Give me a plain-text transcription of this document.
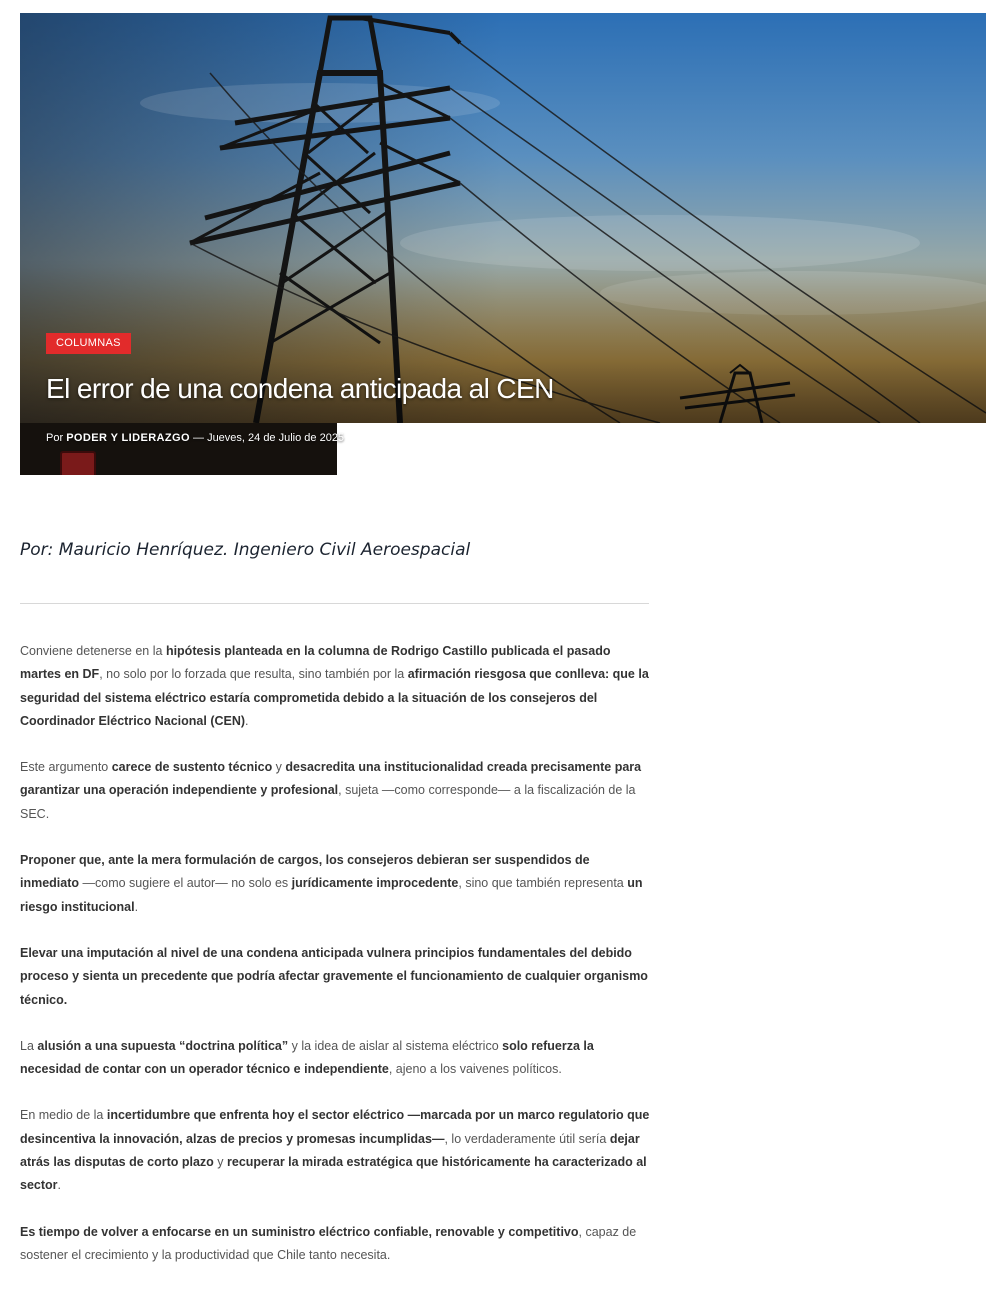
COLUMNAS
El error de una condena anticipada al CEN
Por PODER Y LIDERAZGO — Jueves, 24 de Julio de 2025
Por: Mauricio Henríquez. Ingeniero Civil Aeroespacial

Conviene detenerse en la hipótesis planteada en la columna de Rodrigo Castillo publicada el pasado martes en DF, no solo por lo forzada que resulta, sino también por la afirmación riesgosa que conlleva: que la seguridad del sistema eléctrico estaría comprometida debido a la situación de los consejeros del Coordinador Eléctrico Nacional (CEN).

Este argumento carece de sustento técnico y desacredita una institucionalidad creada precisamente para garantizar una operación independiente y profesional, sujeta —como corresponde— a la fiscalización de la SEC.

Proponer que, ante la mera formulación de cargos, los consejeros debieran ser suspendidos de inmediato —como sugiere el autor— no solo es jurídicamente improcedente, sino que también representa un riesgo institucional.

Elevar una imputación al nivel de una condena anticipada vulnera principios fundamentales del debido proceso y sienta un precedente que podría afectar gravemente el funcionamiento de cualquier organismo técnico.

La alusión a una supuesta “doctrina política” y la idea de aislar al sistema eléctrico solo refuerza la necesidad de contar con un operador técnico e independiente, ajeno a los vaivenes políticos.

En medio de la incertidumbre que enfrenta hoy el sector eléctrico —marcada por un marco regulatorio que desincentiva la innovación, alzas de precios y promesas incumplidas—, lo verdaderamente útil sería dejar atrás las disputas de corto plazo y recuperar la mirada estratégica que históricamente ha caracterizado al sector.

Es tiempo de volver a enfocarse en un suministro eléctrico confiable, renovable y competitivo, capaz de sostener el crecimiento y la productividad que Chile tanto necesita.
